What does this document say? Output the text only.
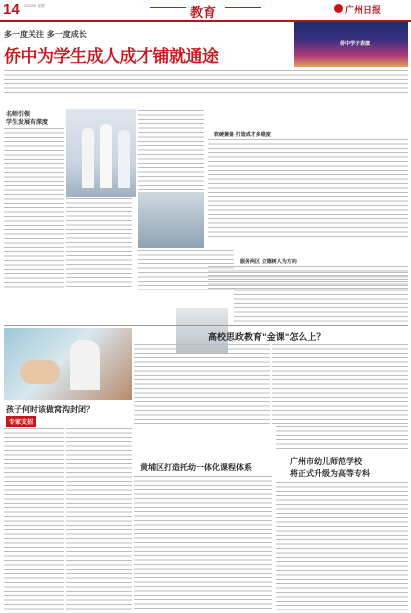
14 2023年 星期	教育	广州日报
多一度关注 多一度成长
侨中为学生成人成才铺就通途
侨中学子表演
名师引领
学生发展有深度
软硬兼备 打造成才多维度
服务两区 立德树人为方向
高校思政教育"金课"怎么上？
孩子何时该做窝沟封闭？
专家支招
黄埔区打造托幼一体化课程体系
广州市幼儿师范学校
将正式升级为高等专科
